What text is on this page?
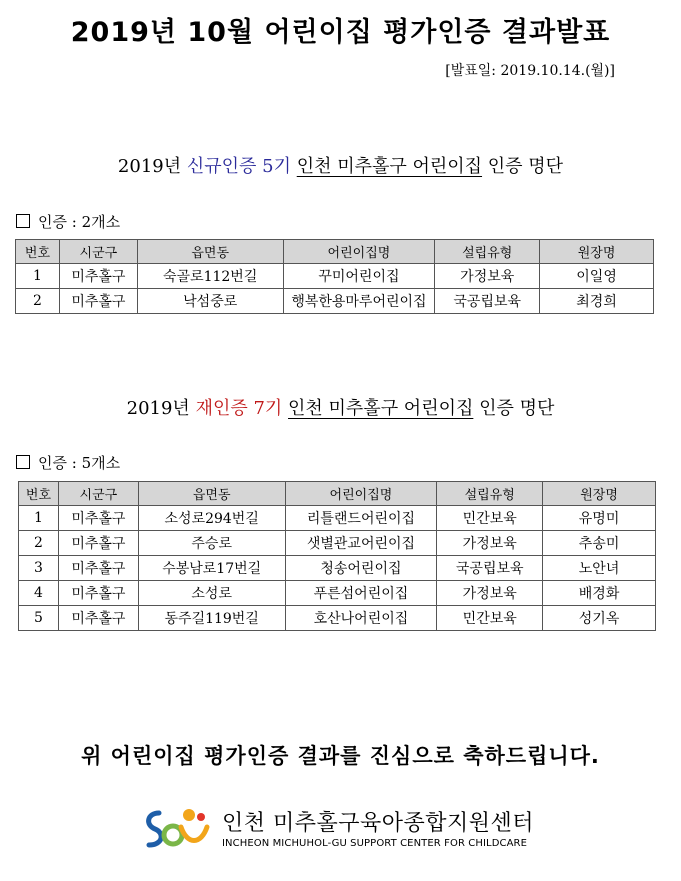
2019년 10월 어린이집 평가인증 결과발표
[발표일: 2019.10.14.(월)]
2019년 신규인증 5기 인천 미추홀구 어린이집 인증 명단
인증 : 2개소
번호	시군구	읍면동	어린이집명	설립유형	원장명
1	미추홀구	숙골로112번길	꾸미어린이집	가정보육	이일영
2	미추홀구	낙섬중로	행복한용마루어린이집	국공립보육	최경희
2019년 재인증 7기 인천 미추홀구 어린이집 인증 명단
인증 : 5개소
번호	시군구	읍면동	어린이집명	설립유형	원장명
1	미추홀구	소성로294번길	리틀랜드어린이집	민간보육	유명미
2	미추홀구	주승로	샛별관교어린이집	가정보육	추송미
3	미추홀구	수봉남로17번길	청송어린이집	국공립보육	노안녀
4	미추홀구	소성로	푸른섬어린이집	가정보육	배경화
5	미추홀구	동주길119번길	호산나어린이집	민간보육	성기옥
위 어린이집 평가인증 결과를 진심으로 축하드립니다.
인천 미추홀구육아종합지원센터
INCHEON MICHUHOL-GU SUPPORT CENTER FOR CHILDCARE
